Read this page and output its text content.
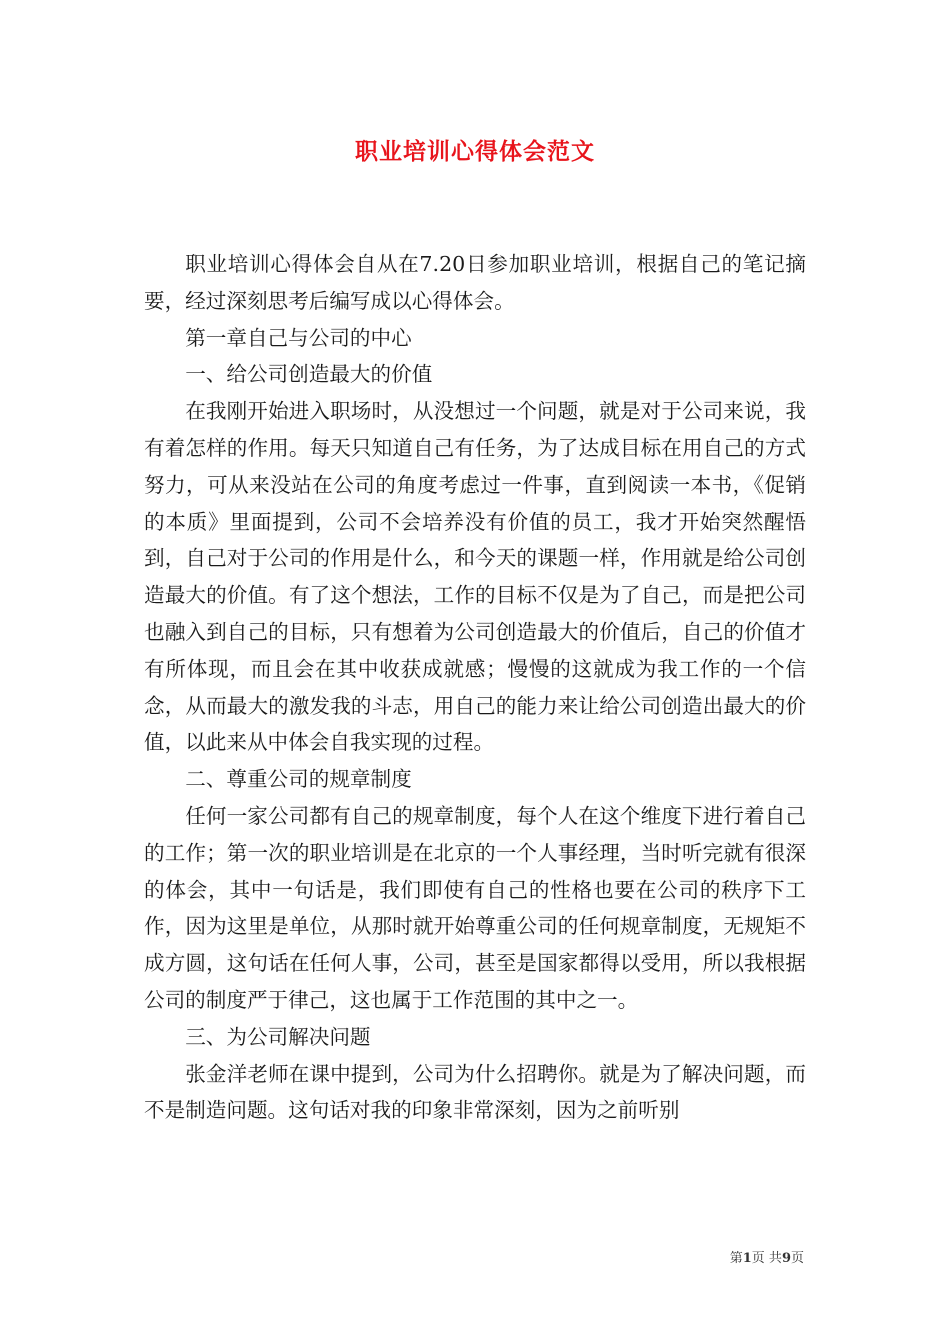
职业培训心得体会范文

职业培训心得体会自从在7.20日参加职业培训，根据自己的笔记摘要，经过深刻思考后编写成以心得体会。

第一章自己与公司的中心

一、给公司创造最大的价值

在我刚开始进入职场时，从没想过一个问题，就是对于公司来说，我有着怎样的作用。每天只知道自己有任务，为了达成目标在用自己的方式努力，可从来没站在公司的角度考虑过一件事，直到阅读一本书，《促销的本质》里面提到，公司不会培养没有价值的员工，我才开始突然醒悟到，自己对于公司的作用是什么，和今天的课题一样，作用就是给公司创造最大的价值。有了这个想法，工作的目标不仅是为了自己，而是把公司也融入到自己的目标，只有想着为公司创造最大的价值后，自己的价值才有所体现，而且会在其中收获成就感；慢慢的这就成为我工作的一个信念，从而最大的激发我的斗志，用自己的能力来让给公司创造出最大的价值，以此来从中体会自我实现的过程。

二、尊重公司的规章制度

任何一家公司都有自己的规章制度，每个人在这个维度下进行着自己的工作；第一次的职业培训是在北京的一个人事经理，当时听完就有很深的体会，其中一句话是，我们即使有自己的性格也要在公司的秩序下工作，因为这里是单位，从那时就开始尊重公司的任何规章制度，无规矩不成方圆，这句话在任何人事，公司，甚至是国家都得以受用，所以我根据公司的制度严于律己，这也属于工作范围的其中之一。

三、为公司解决问题

张金洋老师在课中提到，公司为什么招聘你。就是为了解决问题，而不是制造问题。这句话对我的印象非常深刻，因为之前听别

第1页 共9页
